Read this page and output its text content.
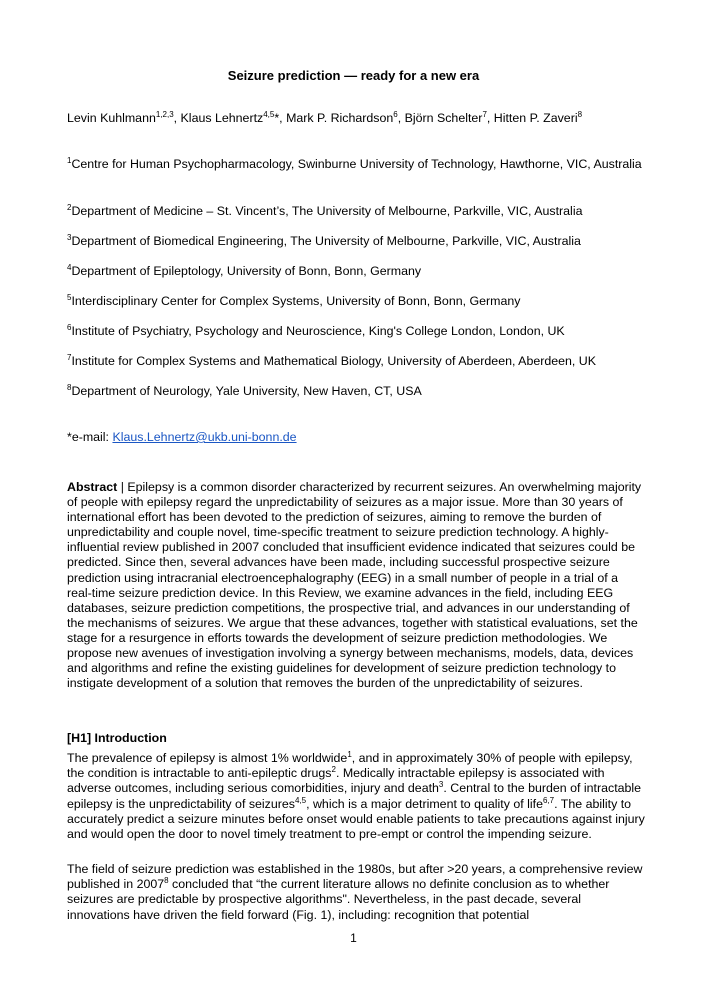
Seizure prediction — ready for a new era
Levin Kuhlmann$^{1,2,3}$, Klaus Lehnertz$^{4,5}$*, Mark P. Richardson$^6$, Björn Schelter$^7$, Hitten P. Zaveri$^8$
$^1$Centre for Human Psychopharmacology, Swinburne University of Technology, Hawthorne, VIC, Australia
$^2$Department of Medicine – St. Vincent’s, The University of Melbourne, Parkville, VIC, Australia
$^3$Department of Biomedical Engineering, The University of Melbourne, Parkville, VIC, Australia
$^4$Department of Epileptology, University of Bonn, Bonn, Germany
$^5$Interdisciplinary Center for Complex Systems, University of Bonn, Bonn, Germany
$^6$Institute of Psychiatry, Psychology and Neuroscience, King's College London, London, UK
$^7$Institute for Complex Systems and Mathematical Biology, University of Aberdeen, Aberdeen, UK
$^8$Department of Neurology, Yale University, New Haven, CT, USA
*e-mail: Klaus.Lehnertz@ukb.uni-bonn.de

Abstract | Epilepsy is a common disorder characterized by recurrent seizures. An overwhelming majority of people with epilepsy regard the unpredictability of seizures as a major issue. More than 30 years of international effort has been devoted to the prediction of seizures, aiming to remove the burden of unpredictability and couple novel, time-specific treatment to seizure prediction technology. A highly-influential review published in 2007 concluded that insufficient evidence indicated that seizures could be predicted. Since then, several advances have been made, including successful prospective seizure prediction using intracranial electroencephalography (EEG) in a small number of people in a trial of a real-time seizure prediction device. In this Review, we examine advances in the field, including EEG databases, seizure prediction competitions, the prospective trial, and advances in our understanding of the mechanisms of seizures. We argue that these advances, together with statistical evaluations, set the stage for a resurgence in efforts towards the development of seizure prediction methodologies. We propose new avenues of investigation involving a synergy between mechanisms, models, data, devices and algorithms and refine the existing guidelines for development of seizure prediction technology to instigate development of a solution that removes the burden of the unpredictability of seizures.

[H1] Introduction

The prevalence of epilepsy is almost 1% worldwide$^1$, and in approximately 30% of people with epilepsy, the condition is intractable to anti-epileptic drugs$^2$. Medically intractable epilepsy is associated with adverse outcomes, including serious comorbidities, injury and death$^3$. Central to the burden of intractable epilepsy is the unpredictability of seizures$^{4,5}$, which is a major detriment to quality of life$^{6,7}$. The ability to accurately predict a seizure minutes before onset would enable patients to take precautions against injury and would open the door to novel timely treatment to pre-empt or control the impending seizure.

The field of seizure prediction was established in the 1980s, but after >20 years, a comprehensive review published in 2007$^8$ concluded that “the current literature allows no definite conclusion as to whether seizures are predictable by prospective algorithms". Nevertheless, in the past decade, several innovations have driven the field forward (Fig. 1), including: recognition that potential

1
